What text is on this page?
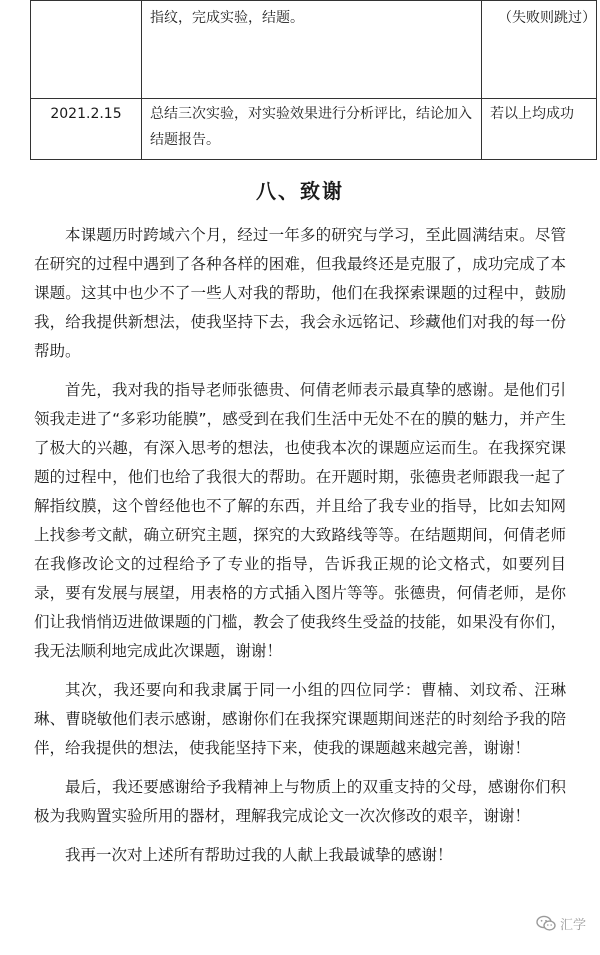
	指纹，完成实验，结题。	（失败则跳过）
2021.2.15	总结三次实验，对实验效果进行分析评比，结论加入结题报告。	若以上均成功
八、致谢

本课题历时跨域六个月，经过一年多的研究与学习，至此圆满结束。尽管在研究的过程中遇到了各种各样的困难，但我最终还是克服了，成功完成了本课题。这其中也少不了一些人对我的帮助，他们在我探索课题的过程中，鼓励我，给我提供新想法，使我坚持下去，我会永远铭记、珍藏他们对我的每一份帮助。

首先，我对我的指导老师张德贵、何倩老师表示最真挚的感谢。是他们引领我走进了“多彩功能膜”，感受到在我们生活中无处不在的膜的魅力，并产生了极大的兴趣，有深入思考的想法，也使我本次的课题应运而生。在我探究课题的过程中，他们也给了我很大的帮助。在开题时期，张德贵老师跟我一起了解指纹膜，这个曾经他也不了解的东西，并且给了我专业的指导，比如去知网上找参考文献，确立研究主题，探究的大致路线等等。在结题期间，何倩老师在我修改论文的过程给予了专业的指导，告诉我正规的论文格式，如要列目录，要有发展与展望，用表格的方式插入图片等等。张德贵，何倩老师，是你们让我悄悄迈进做课题的门槛，教会了使我终生受益的技能，如果没有你们，我无法顺利地完成此次课题，谢谢！

其次，我还要向和我隶属于同一小组的四位同学：曹楠、刘玟希、汪琳琳、曹晓敏他们表示感谢，感谢你们在我探究课题期间迷茫的时刻给予我的陪伴，给我提供的想法，使我能坚持下来，使我的课题越来越完善，谢谢！

最后，我还要感谢给予我精神上与物质上的双重支持的父母，感谢你们积极为我购置实验所用的器材，理解我完成论文一次次修改的艰辛，谢谢！

我再一次对上述所有帮助过我的人献上我最诚挚的感谢！

汇学
